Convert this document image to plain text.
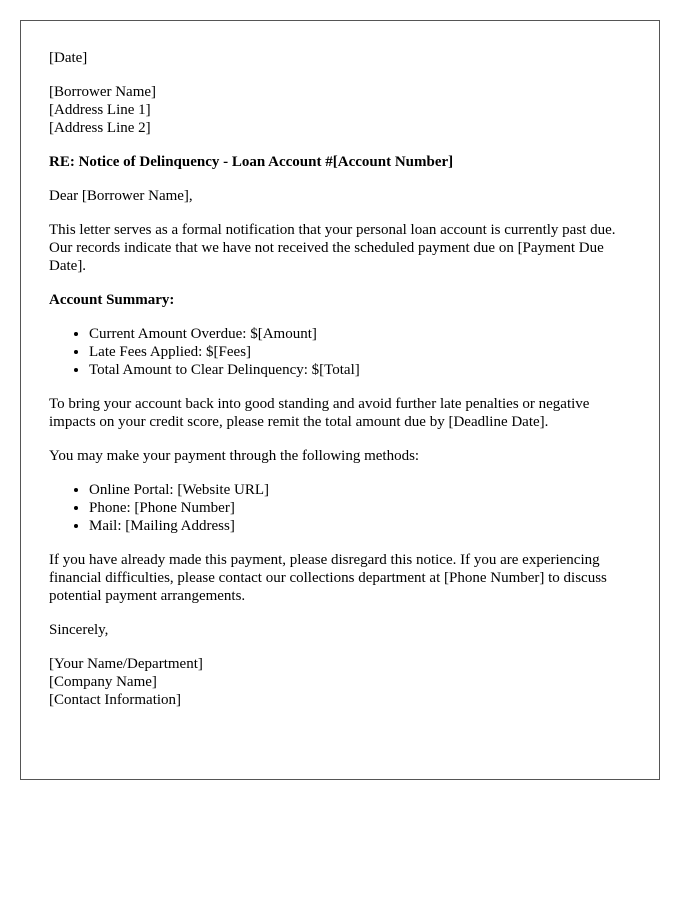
[Date]

[Borrower Name]
[Address Line 1]
[Address Line 2]

RE: Notice of Delinquency - Loan Account #[Account Number]

Dear [Borrower Name],

This letter serves as a formal notification that your personal loan account is currently past due. Our records indicate that we have not received the scheduled payment due on [Payment Due Date].

Account Summary:

• Current Amount Overdue: $[Amount]
• Late Fees Applied: $[Fees]
• Total Amount to Clear Delinquency: $[Total]

To bring your account back into good standing and avoid further late penalties or negative impacts on your credit score, please remit the total amount due by [Deadline Date].

You may make your payment through the following methods:

• Online Portal: [Website URL]
• Phone: [Phone Number]
• Mail: [Mailing Address]

If you have already made this payment, please disregard this notice. If you are experiencing financial difficulties, please contact our collections department at [Phone Number] to discuss potential payment arrangements.

Sincerely,

[Your Name/Department]
[Company Name]
[Contact Information]
